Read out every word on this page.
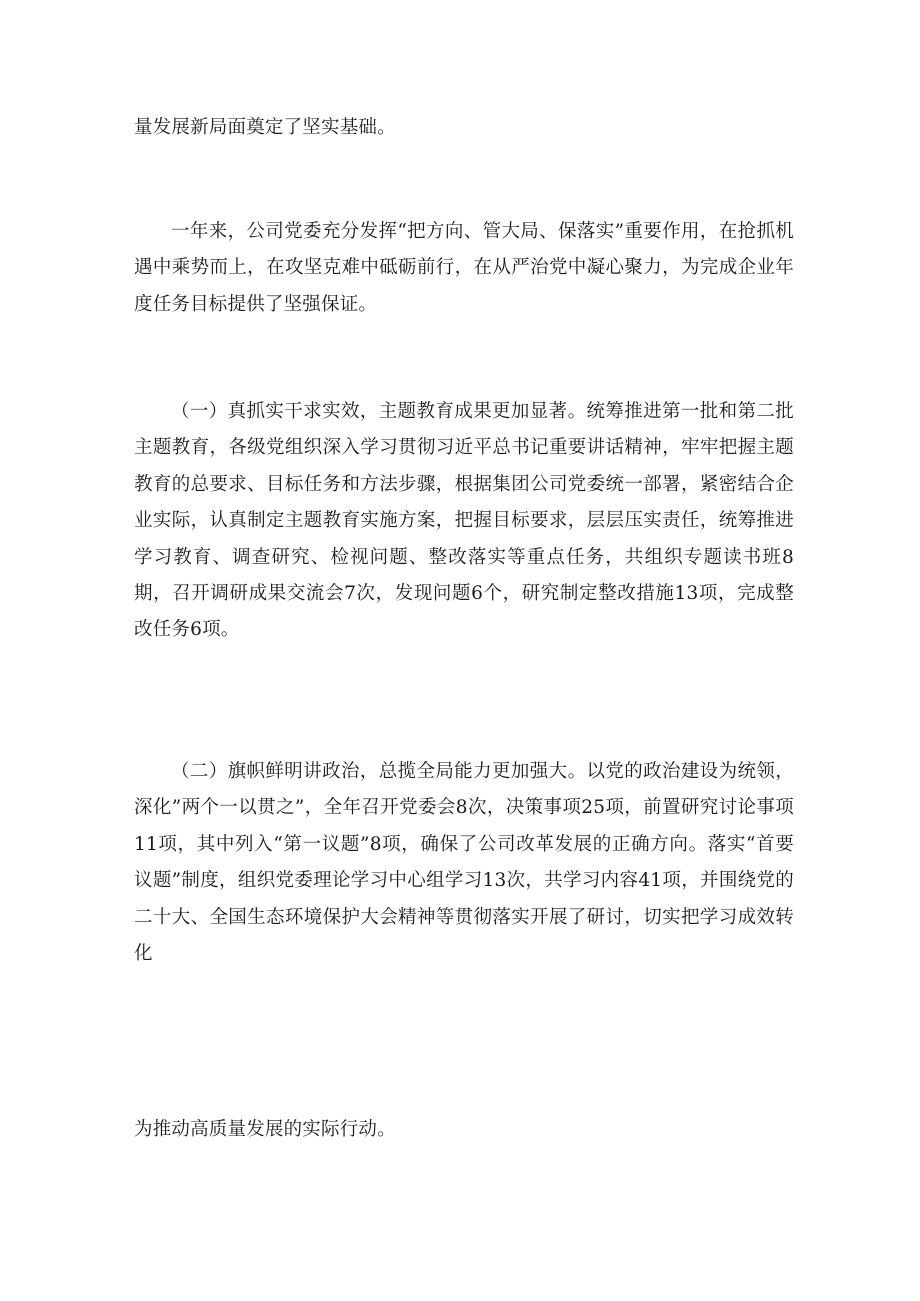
量发展新局面奠定了坚实基础。

一年来，公司党委充分发挥“把方向、管大局、保落实”重要作用，在抢抓机遇中乘势而上，在攻坚克难中砥砺前行，在从严治党中凝心聚力，为完成企业年度任务目标提供了坚强保证。

（一）真抓实干求实效，主题教育成果更加显著。统筹推进第一批和第二批主题教育，各级党组织深入学习贯彻习近平总书记重要讲话精神，牢牢把握主题教育的总要求、目标任务和方法步骤，根据集团公司党委统一部署，紧密结合企业实际，认真制定主题教育实施方案，把握目标要求，层层压实责任，统筹推进学习教育、调查研究、检视问题、整改落实等重点任务，共组织专题读书班8期，召开调研成果交流会7次，发现问题6个，研究制定整改措施13项，完成整改任务6项。

（二）旗帜鲜明讲政治，总揽全局能力更加强大。以党的政治建设为统领，深化”两个一以贯之”，全年召开党委会8次，决策事项25项，前置研究讨论事项11项，其中列入“第一议题”8项，确保了公司改革发展的正确方向。落实“首要议题”制度，组织党委理论学习中心组学习13次，共学习内容41项，并围绕党的二十大、全国生态环境保护大会精神等贯彻落实开展了研讨，切实把学习成效转化

为推动高质量发展的实际行动。
